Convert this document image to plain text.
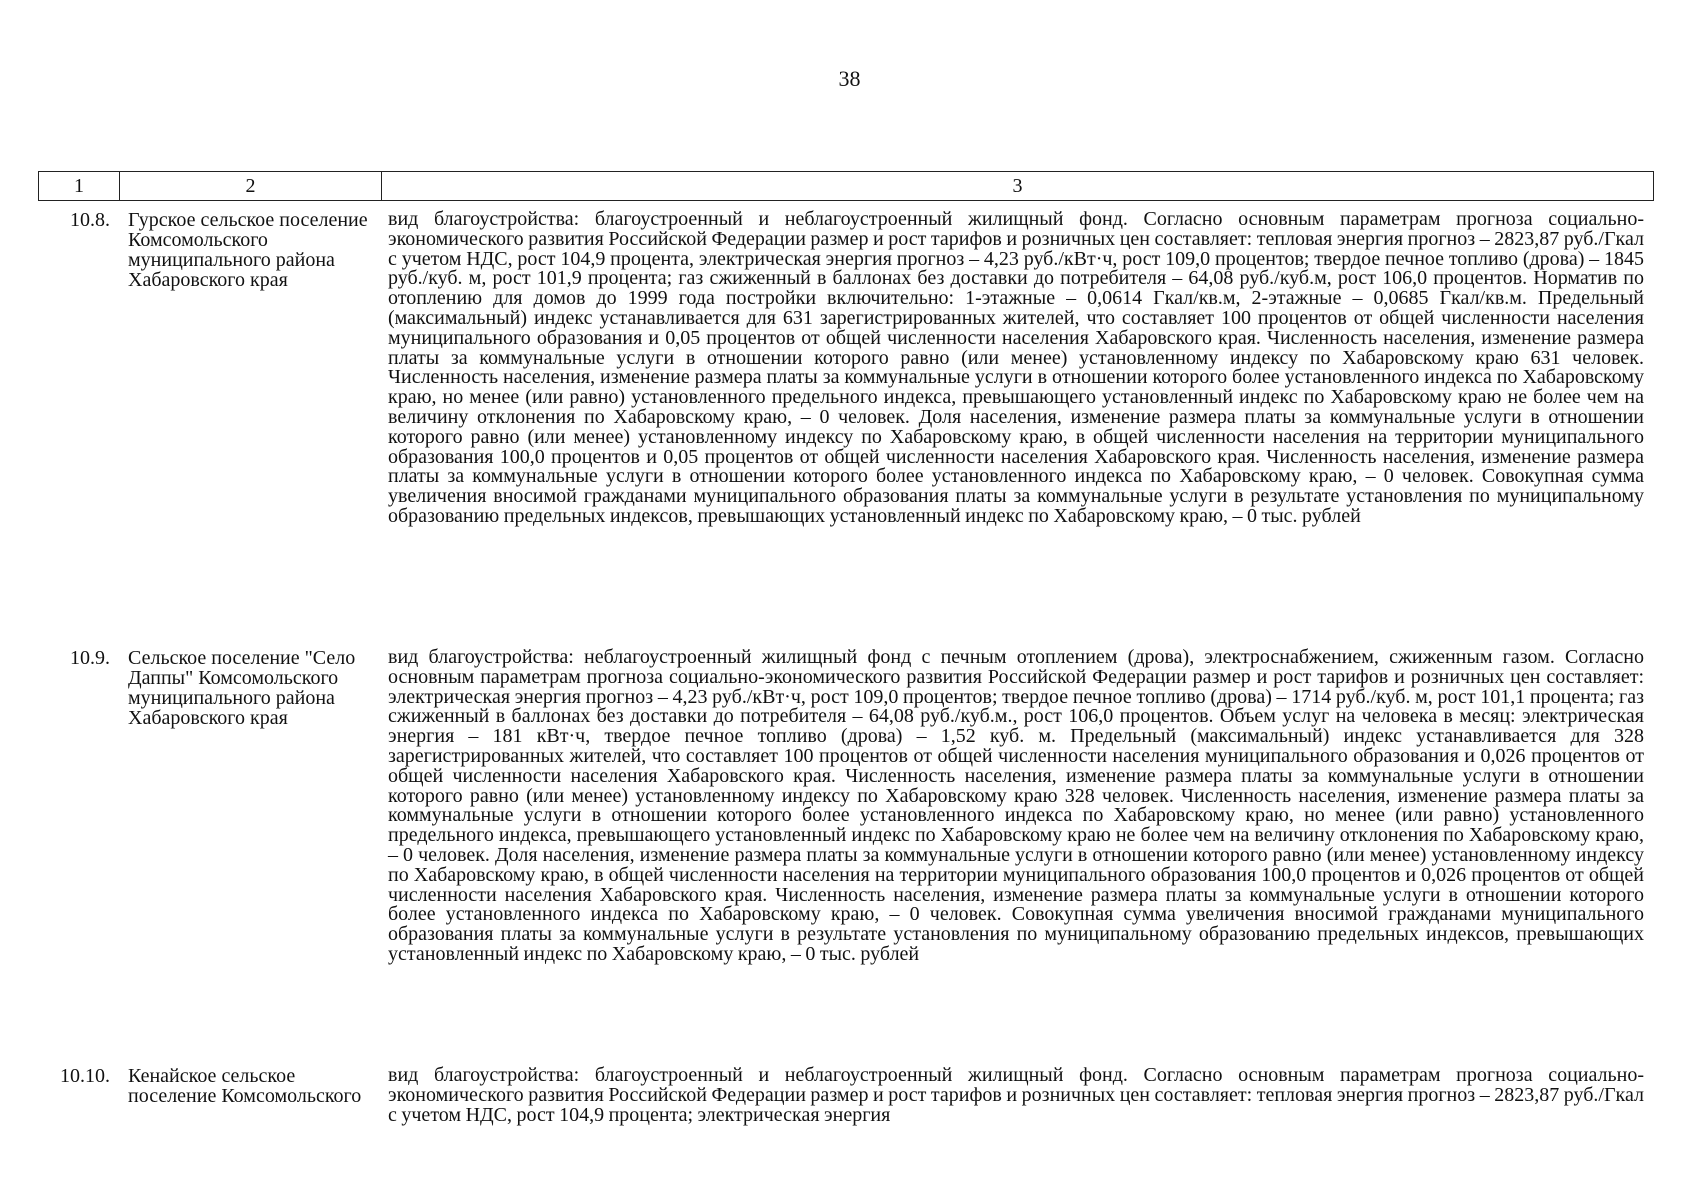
38
1	2	3
10.8. Гурское сельское поселение Комсомольского муниципального района Хабаровского края
вид благоустройства: благоустроенный и неблагоустроенный жилищный фонд. Согласно основным параметрам прогноза социально-экономического развития Российской Федерации размер и рост тарифов и розничных цен составляет: тепловая энергия прогноз – 2823,87 руб./Гкал с учетом НДС, рост 104,9 процента, электрическая энергия прогноз – 4,23 руб./кВт·ч, рост 109,0 процентов; твердое печное топливо (дрова) – 1845 руб./куб. м, рост 101,9 процента; газ сжиженный в баллонах без доставки до потребителя – 64,08 руб./куб.м, рост 106,0 процентов. Норматив по отоплению для домов до 1999 года постройки включительно: 1-этажные – 0,0614 Гкал/кв.м, 2-этажные – 0,0685 Гкал/кв.м. Предельный (максимальный) индекс устанавливается для 631 зарегистрированных жителей, что составляет 100 процентов от общей численности населения муниципального образования и 0,05 процентов от общей численности населения Хабаровского края. Численность населения, изменение размера платы за коммунальные услуги в отношении которого равно (или менее) установленному индексу по Хабаровскому краю 631 человек. Численность населения, изменение размера платы за коммунальные услуги в отношении которого более установленного индекса по Хабаровскому краю, но менее (или равно) установленного предельного индекса, превышающего установленный индекс по Хабаровскому краю не более чем на величину отклонения по Хабаровскому краю, – 0 человек. Доля населения, изменение размера платы за коммунальные услуги в отношении которого равно (или менее) установленному индексу по Хабаровскому краю, в общей численности населения на территории муниципального образования 100,0 процентов и 0,05 процентов от общей численности населения Хабаровского края. Численность населения, изменение размера платы за коммунальные услуги в отношении которого более установленного индекса по Хабаровскому краю, – 0 человек. Совокупная сумма увеличения вносимой гражданами муниципального образования платы за коммунальные услуги в результате установления по муниципальному образованию предельных индексов, превышающих установленный индекс по Хабаровскому краю, – 0 тыс. рублей
10.9. Сельское поселение "Село Даппы" Комсомольского муниципального района Хабаровского края
вид благоустройства: неблагоустроенный жилищный фонд с печным отоплением (дрова), электроснабжением, сжиженным газом. Согласно основным параметрам прогноза социально-экономического развития Российской Федерации размер и рост тарифов и розничных цен составляет: электрическая энергия прогноз – 4,23 руб./кВт·ч, рост 109,0 процентов; твердое печное топливо (дрова) – 1714 руб./куб. м, рост 101,1 процента; газ сжиженный в баллонах без доставки до потребителя – 64,08 руб./куб.м., рост 106,0 процентов. Объем услуг на человека в месяц: электрическая энергия – 181 кВт·ч, твердое печное топливо (дрова) – 1,52 куб. м. Предельный (максимальный) индекс устанавливается для 328 зарегистрированных жителей, что составляет 100 процентов от общей численности населения муниципального образования и 0,026 процентов от общей численности населения Хабаровского края. Численность населения, изменение размера платы за коммунальные услуги в отношении которого равно (или менее) установленному индексу по Хабаровскому краю 328 человек. Численность населения, изменение размера платы за коммунальные услуги в отношении которого более установленного индекса по Хабаровскому краю, но менее (или равно) установленного предельного индекса, превышающего установленный индекс по Хабаровскому краю не более чем на величину отклонения по Хабаровскому краю, – 0 человек. Доля населения, изменение размера платы за коммунальные услуги в отношении которого равно (или менее) установленному индексу по Хабаровскому краю, в общей численности населения на территории муниципального образования 100,0 процентов и 0,026 процентов от общей численности населения Хабаровского края. Численность населения, изменение размера платы за коммунальные услуги в отношении которого более установленного индекса по Хабаровскому краю, – 0 человек. Совокупная сумма увеличения вносимой гражданами муниципального образования платы за коммунальные услуги в результате установления по муниципальному образованию предельных индексов, превышающих установленный индекс по Хабаровскому краю, – 0 тыс. рублей
10.10. Кенайское сельское поселение Комсомольского
вид благоустройства: благоустроенный и неблагоустроенный жилищный фонд. Согласно основным параметрам прогноза социально-экономического развития Российской Федерации размер и рост тарифов и розничных цен составляет: тепловая энергия прогноз – 2823,87 руб./Гкал с учетом НДС, рост 104,9 процента; электрическая энергия
